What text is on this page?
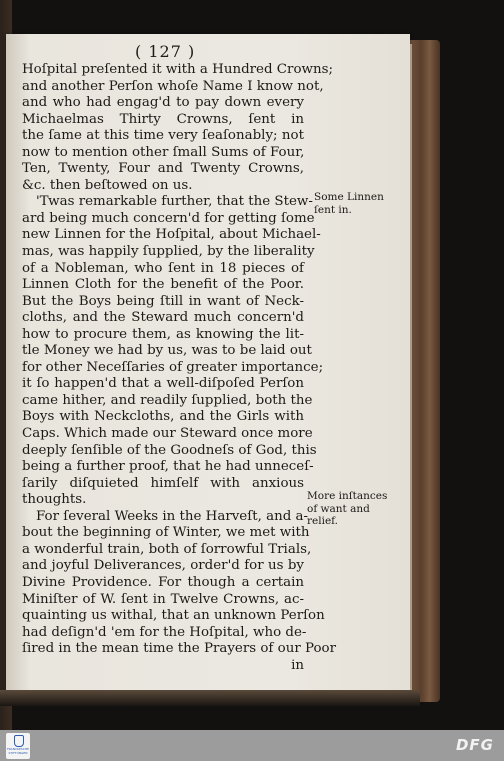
( 127 )
Hoſpital preſented it with a Hundred Crowns;
and another Perſon whoſe Name I know not,
and who had engag'd to pay down every
Michaelmas Thirty Crowns, ſent in
the ſame at this time very ſeaſonably; not
now to mention other ſmall Sums of Four,
Ten, Twenty, Four and Twenty Crowns,
&c. then beſtowed on us.
'Twas remarkable further, that the Stew-
ard being much concern'd for getting ſome
new Linnen for the Hoſpital, about Michael-
mas, was happily ſupplied, by the liberality
of a Nobleman, who ſent in 18 pieces of
Linnen Cloth for the benefit of the Poor.
But the Boys being ſtill in want of Neck-
cloths, and the Steward much concern'd
how to procure them, as knowing the lit-
tle Money we had by us, was to be laid out
for other Neceſſaries of greater importance;
it ſo happen'd that a well-diſpoſed Perſon
came hither, and readily ſupplied, both the
Boys with Neckcloths, and the Girls with
Caps. Which made our Steward once more
deeply ſenſible of the Goodneſs of God, this
being a further proof, that he had unneceſ-
ſarily diſquieted himſelf with anxious
thoughts.
For ſeveral Weeks in the Harveſt, and a-
bout the beginning of Winter, we met with
a wonderful train, both of ſorrowful Trials,
and joyful Deliverances, order'd for us by
Divine Providence. For though a certain
Miniſter of W. ſent in Twelve Crowns, ac-
quainting us withal, that an unknown Perſon
had deſign'd 'em for the Hoſpital, who de-
ſired in the mean time the Prayers of our Poor
in
Some Linnen
ſent in.
More inſtances
of want and
relief.
FRANCKESCHE STIFTUNGEN	DFG
